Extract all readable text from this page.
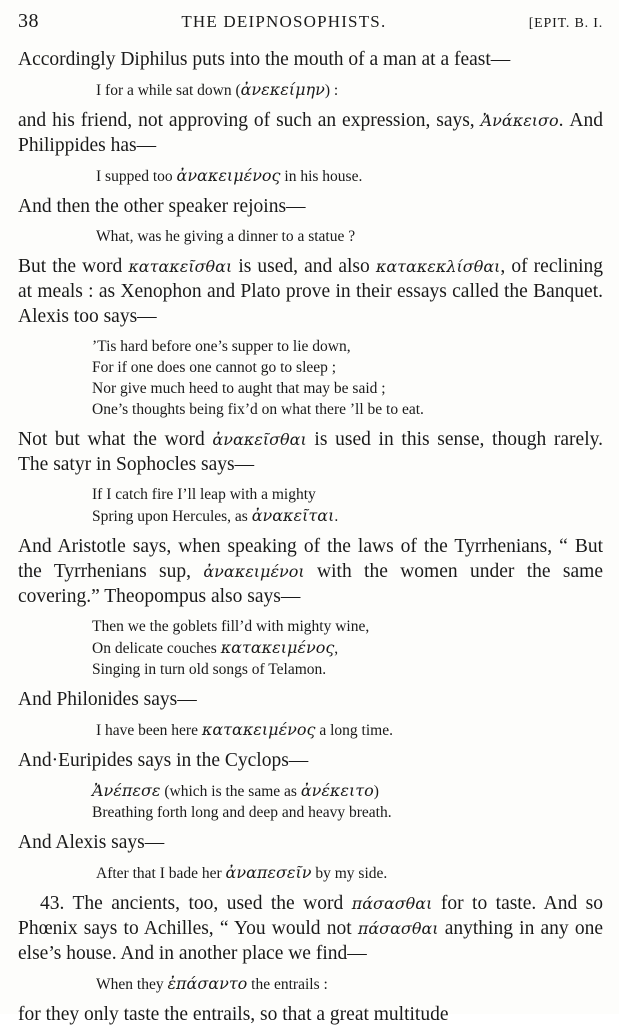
38	THE DEIPNOSOPHISTS.	[EPIT. B. I.

Accordingly Diphilus puts into the mouth of a man at a feast—

I for a while sat down (ἀνεκείμην) :

and his friend, not approving of such an expression, says, Ἀνάκεισο. And Philippides has—

I supped too ἀνακειμένος in his house.

And then the other speaker rejoins—

What, was he giving a dinner to a statue ?

But the word κατακεῖσθαι is used, and also κατακεκλίσθαι, of reclining at meals : as Xenophon and Plato prove in their essays called the Banquet. Alexis too says—

’Tis hard before one’s supper to lie down,
For if one does one cannot go to sleep ;
Nor give much heed to aught that may be said ;
One’s thoughts being fix’d on what there ’ll be to eat.

Not but what the word ἀνακεῖσθαι is used in this sense, though rarely. The satyr in Sophocles says—

If I catch fire I’ll leap with a mighty
Spring upon Hercules, as ἀνακεῖται.

And Aristotle says, when speaking of the laws of the Tyrrhenians, “ But the Tyrrhenians sup, ἀνακειμένοι with the women under the same covering.” Theopompus also says—

Then we the goblets fill’d with mighty wine,
On delicate couches κατακειμένος,
Singing in turn old songs of Telamon.

And Philonides says—

I have been here κατακειμένος a long time.

And·Euripides says in the Cyclops—

Ἀνέπεσε (which is the same as ἀνέκειτο)
Breathing forth long and deep and heavy breath.

And Alexis says—

After that I bade her ἀναπεσεῖν by my side.

43. The ancients, too, used the word πάσασθαι for to taste. And so Phœnix says to Achilles, “ You would not πάσασθαι anything in any one else’s house. And in another place we find—

When they ἐπάσαντο the entrails :

for they only taste the entrails, so that a great multitude
